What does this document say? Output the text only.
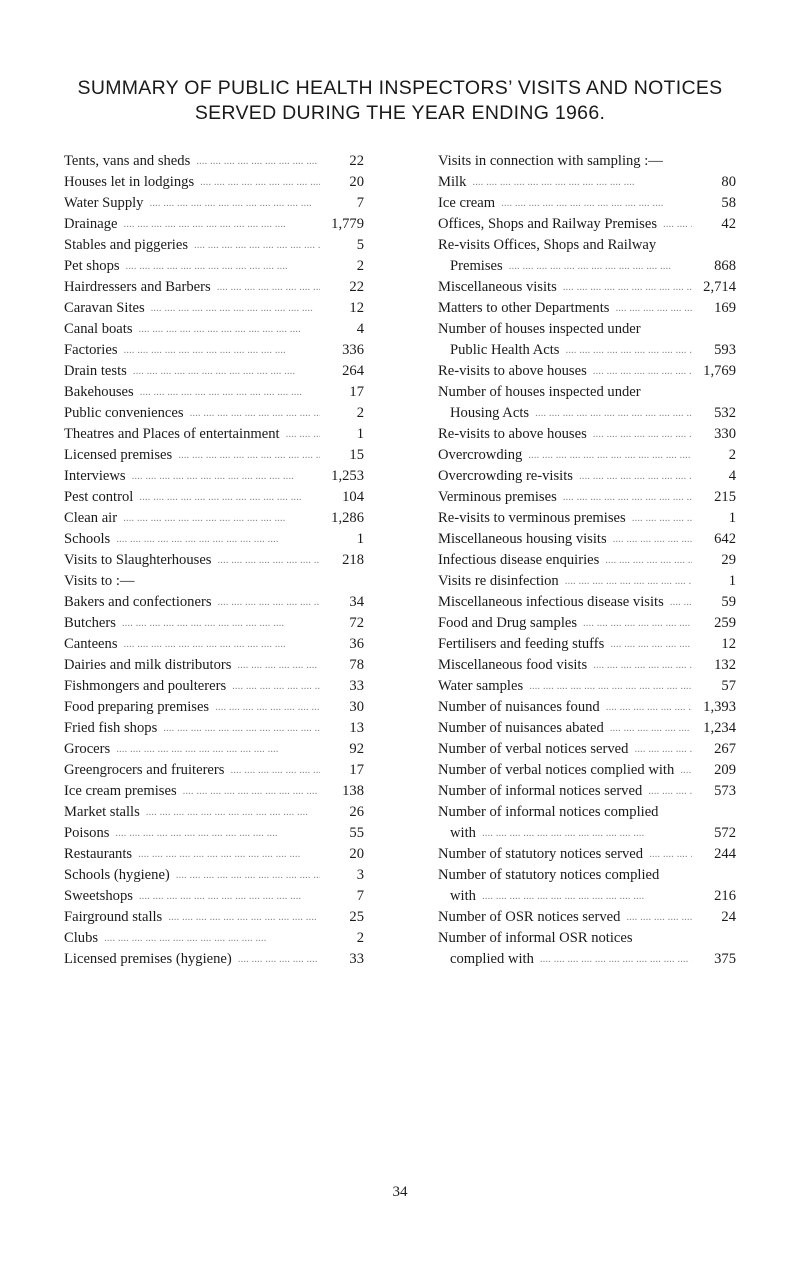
SUMMARY OF PUBLIC HEALTH INSPECTORS’ VISITS AND NOTICES
SERVED DURING THE YEAR ENDING 1966.
Tents, vans and sheds ....	22
Houses let in lodgings ....	20
Water Supply ....	7
Drainage ....	1,779
Stables and piggeries ....	5
Pet shops ....	2
Hairdressers and Barbers ....	22
Caravan Sites ....	12
Canal boats ....	4
Factories ....	336
Drain tests ....	264
Bakehouses ....	17
Public conveniences ....	2
Theatres and Places of entertainment ....	1
Licensed premises ....	15
Interviews ....	1,253
Pest control ....	104
Clean air ....	1,286
Schools ....	1
Visits to Slaughterhouses ....	218
Visits to :—
Bakers and confectioners ....	34
Butchers ....	72
Canteens ....	36
Dairies and milk distributors ....	78
Fishmongers and poulterers ....	33
Food preparing premises ....	30
Fried fish shops ....	13
Grocers ....	92
Greengrocers and fruiterers ....	17
Ice cream premises ....	138
Market stalls ....	26
Poisons ....	55
Restaurants ....	20
Schools (hygiene) ....	3
Sweetshops ....	7
Fairground stalls ....	25
Clubs ....	2
Licensed premises (hygiene) ....	33
Visits in connection with sampling :—
Milk ....	80
Ice cream ....	58
Offices, Shops and Railway Premises ....	42
Re-visits Offices, Shops and Railway
Premises ....	868
Miscellaneous visits ....	2,714
Matters to other Departments ....	169
Number of houses inspected under
Public Health Acts ....	593
Re-visits to above houses ....	1,769
Number of houses inspected under
Housing Acts ....	532
Re-visits to above houses ....	330
Overcrowding ....	2
Overcrowding re-visits ....	4
Verminous premises ....	215
Re-visits to verminous premises ....	1
Miscellaneous housing visits ....	642
Infectious disease enquiries ....	29
Visits re disinfection ....	1
Miscellaneous infectious disease visits ....	59
Food and Drug samples ....	259
Fertilisers and feeding stuffs ....	12
Miscellaneous food visits ....	132
Water samples ....	57
Number of nuisances found ....	1,393
Number of nuisances abated ....	1,234
Number of verbal notices served ....	267
Number of verbal notices complied with ....	209
Number of informal notices served ....	573
Number of informal notices complied
with ....	572
Number of statutory notices served ....	244
Number of statutory notices complied
with ....	216
Number of OSR notices served ....	24
Number of informal OSR notices
complied with ....	375
34
